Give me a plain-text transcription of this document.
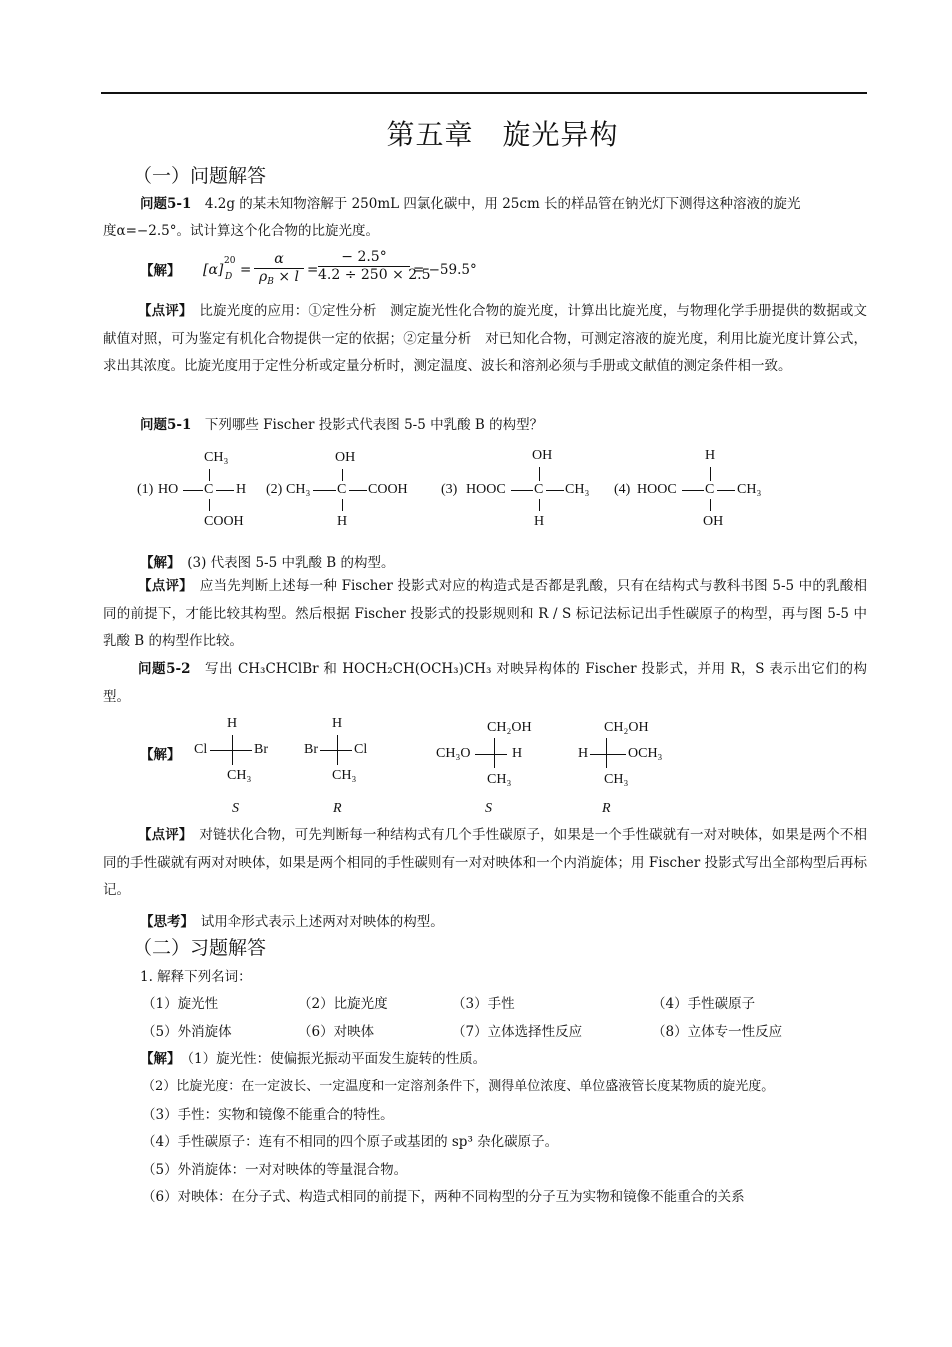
第五章　旋光异构
（一）问题解答
问题5-1　4.2g 的某未知物溶解于 250mL 四氯化碳中，用 25cm 长的样品管在钠光灯下测得这种溶液的旋光
度α=−2.5°。试计算这个化合物的比旋光度。
【解】 [α]
20
D =
α
$\rho_B \times l$ =
− 2.5°
4.2 ÷ 250 × 2.5
= −59.5°

【点评】　比旋光度的应用：①定性分析　测定旋光性化合物的旋光度，计算出比旋光度，与物理化学手册提供的数据或文献值对照，可为鉴定有机化合物提供一定的依据；②定量分析　对已知化合物，可测定溶液的旋光度，利用比旋光度计算公式，求出其浓度。比旋光度用于定性分析或定量分析时，测定温度、波长和溶剂必须与手册或文献值的测定条件相一致。

问题5-1　下列哪些 Fischer 投影式代表图 5-5 中乳酸 B 的构型？
(1) HO C H
CH₃
COOH
(2) CH₃ C COOH
OH
H
(3) HOOC C CH₃
OH
H
(4) HOOC C CH₃
H
OH
【解】　(3) 代表图 5-5 中乳酸 B 的构型。

【点评】　应当先判断上述每一种 Fischer 投影式对应的构造式是否都是乳酸，只有在结构式与教科书图 5-5 中的乳酸相同的前提下，才能比较其构型。然后根据 Fischer 投影式的投影规则和 R / S 标记法标记出手性碳原子的构型，再与图 5-5 中乳酸 B 的构型作比较。

问题5-2　写出 CH₃CHClBr 和 HOCH₂CH(OCH₃)CH₃ 对映异构体的 Fischer 投影式，并用 R，S 表示出它们的构型。

【解】
H
Cl	Br
CH₃
S
H
Br	Cl
CH₃
R
CH₂OH
CH₃O	H
CH₃
S
CH₂OH
H	OCH₃
CH₃
R

【点评】　对链状化合物，可先判断每一种结构式有几个手性碳原子，如果是一个手性碳就有一对对映体，如果是两个不相同的手性碳就有两对对映体，如果是两个相同的手性碳则有一对对映体和一个内消旋体；用 Fischer 投影式写出全部构型后再标记。

【思考】　试用伞形式表示上述两对对映体的构型。
（二）习题解答
1. 解释下列名词：
（1）旋光性	（2）比旋光度	（3）手性	（4）手性碳原子
（5）外消旋体	（6）对映体	（7）立体选择性反应	（8）立体专一性反应
【解】　（1）旋光性：使偏振光振动平面发生旋转的性质。
（2）比旋光度：在一定波长、一定温度和一定溶剂条件下，测得单位浓度、单位盛液管长度某物质的旋光度。
（3）手性：实物和镜像不能重合的特性。
（4）手性碳原子：连有不相同的四个原子或基团的 sp³ 杂化碳原子。
（5）外消旋体：一对对映体的等量混合物。
（6）对映体：在分子式、构造式相同的前提下，两种不同构型的分子互为实物和镜像不能重合的关系
